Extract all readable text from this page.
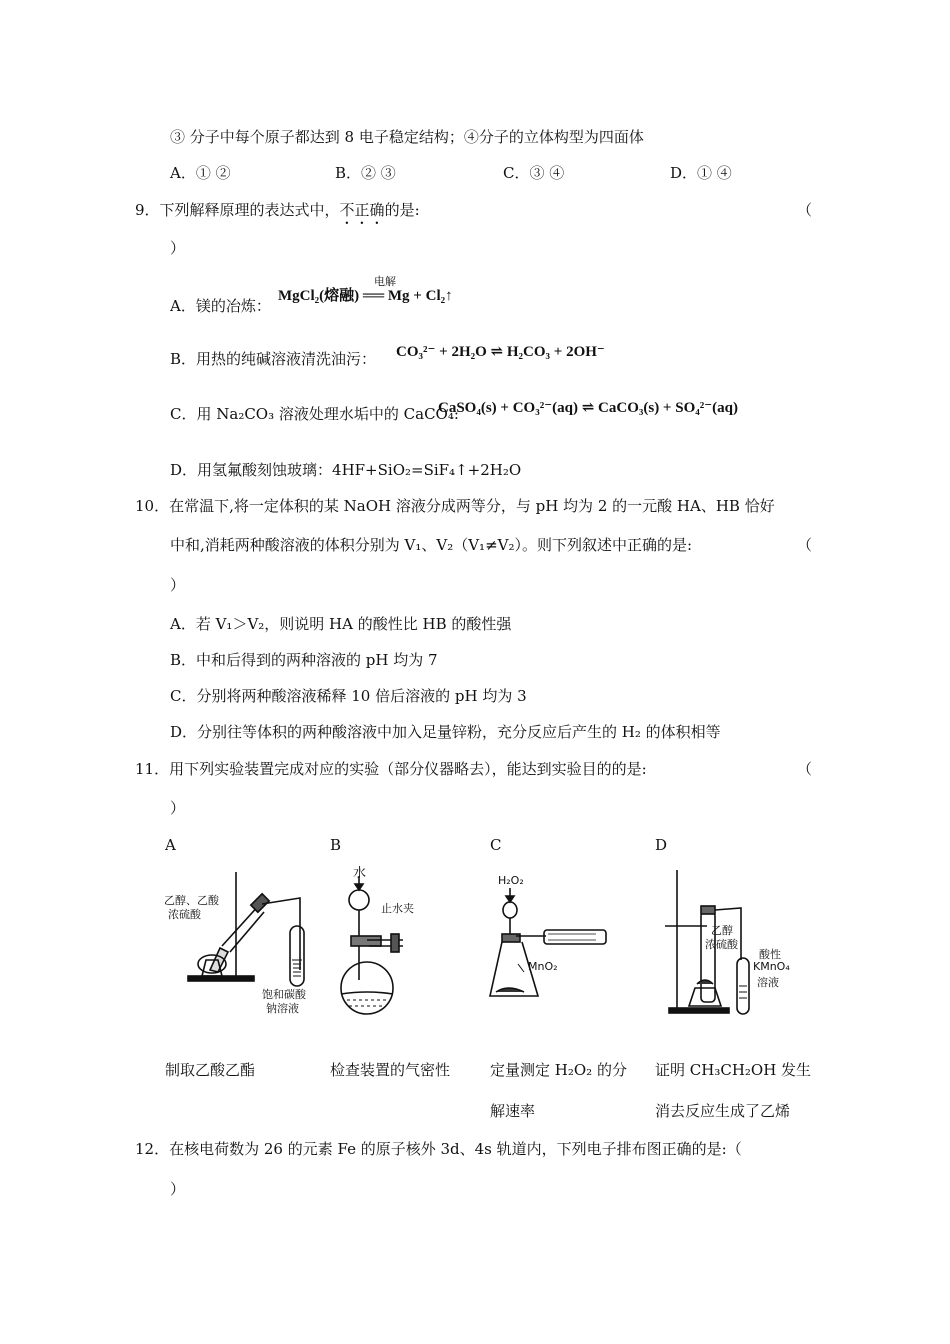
③ 分子中每个原子都达到 8 电子稳定结构；④分子的立体构型为四面体
A．① ②	B．② ③	C．③ ④	D．① ④
9．下列解释原理的表达式中，不正确的是:	（
）
A．镁的冶炼：
MgCl₂(熔融) ══ Mg + Cl₂↑
电解
B．用热的纯碱溶液清洗油污： CO₃²⁻ + 2H₂O ⇌ H₂CO₃ + 2OH⁻
C．用 Na₂CO₃ 溶液处理水垢中的 CaCO₄:
CaSO₄(s) + CO₃²⁻(aq) ⇌ CaCO₃(s) + SO₄²⁻(aq)
D．用氢氟酸刻蚀玻璃：4HF+SiO₂=SiF₄↑+2H₂O
10．在常温下,将一定体积的某 NaOH 溶液分成两等分，与 pH 均为 2 的一元酸 HA、HB 恰好
中和,消耗两种酸溶液的体积分别为 V₁、V₂（V₁≠V₂）。则下列叙述中正确的是:	（
）
A．若 V₁＞V₂，则说明 HA 的酸性比 HB 的酸性强
B．中和后得到的两种溶液的 pH 均为 7
C．分别将两种酸溶液稀释 10 倍后溶液的 pH 均为 3
D．分别往等体积的两种酸溶液中加入足量锌粉，充分反应后产生的 H₂ 的体积相等
11．用下列实验装置完成对应的实验（部分仪器略去），能达到实验目的的是:	（
）
A	B	C	D
乙醇、乙酸
浓硫酸
饱和碳酸
钠溶液
水
止水夹
H₂O₂
MnO₂
乙醇
浓硫酸
酸性
KMnO₄
溶液
制取乙酸乙酯	检查装置的气密性	定量测定 H₂O₂ 的分
解速率
证明 CH₃CH₂OH 发生
消去反应生成了乙烯
12．在核电荷数为 26 的元素 Fe 的原子核外 3d、4s 轨道内，下列电子排布图正确的是:（
）
